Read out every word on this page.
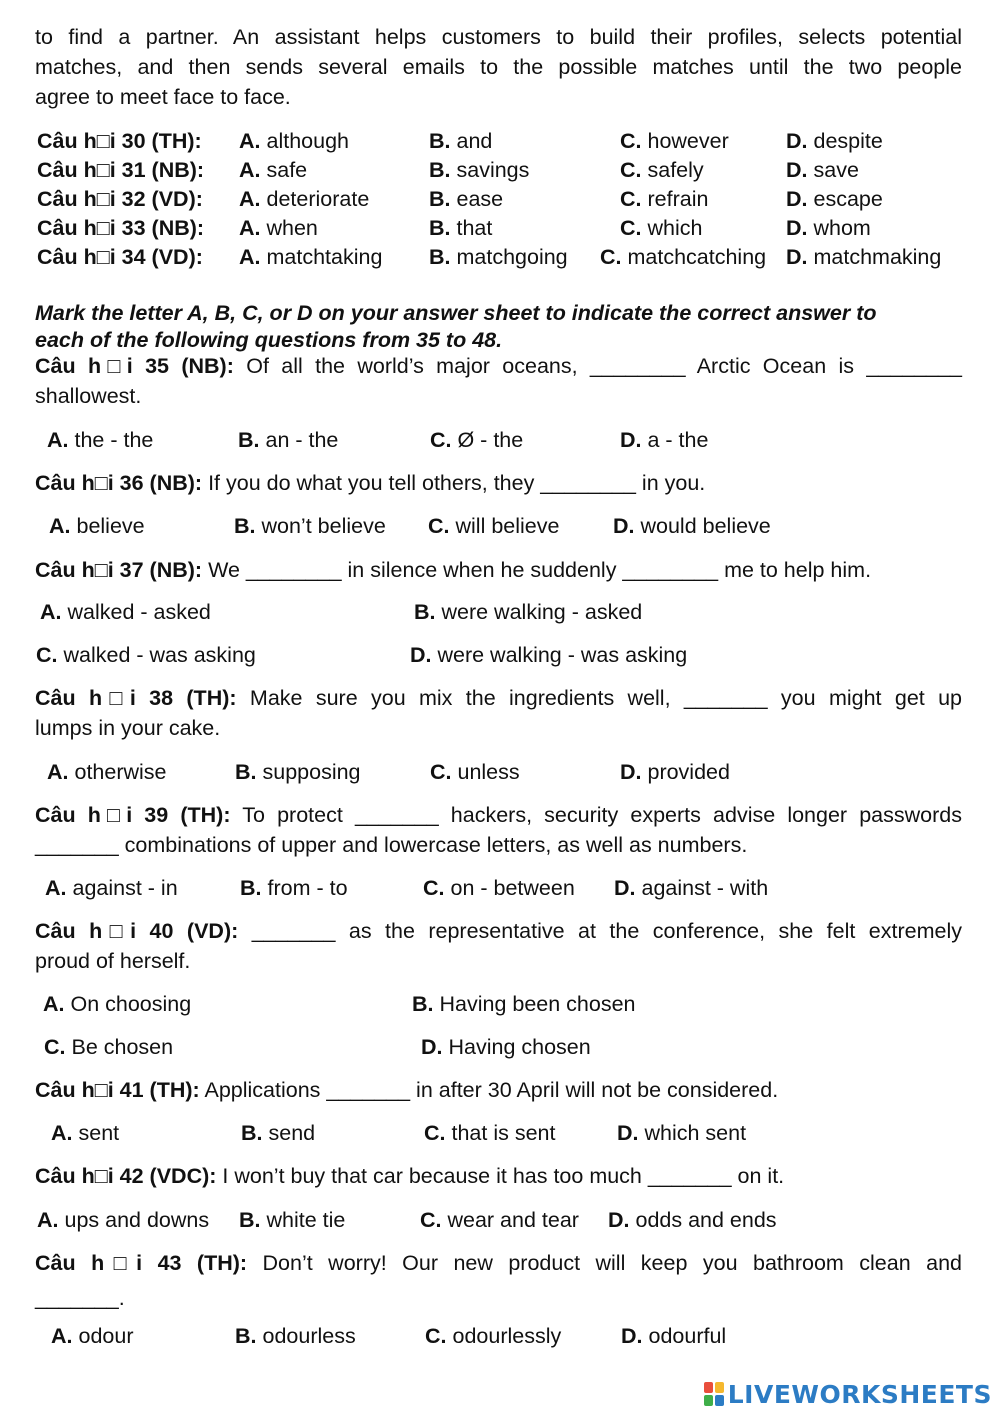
to find a partner. An assistant helps customers to build their profiles, selects potential
matches, and then sends several emails to the possible matches until the two people
agree to meet face to face.
Câu h□i 30 (TH): A. although	B. and	C. however	D. despite
Câu h□i 31 (NB): A. safe	B. savings	C. safely	D. save
Câu h□i 32 (VD): A. deteriorate	B. ease	C. refrain	D. escape
Câu h□i 33 (NB): A. when	B. that	C. which	D. whom
Câu h□i 34 (VD): A. matchtaking B. matchgoing C. matchcatching D. matchmaking
Mark the letter A, B, C, or D on your answer sheet to indicate the correct answer to
each of the following questions from 35 to 48.
Câu h□i 35 (NB): Of all the world’s major oceans, ________ Arctic Ocean is ________
shallowest.
A. the - the	B. an - the	C. Ø - the	D. a - the
Câu h□i 36 (NB): If you do what you tell others, they ________ in you.
A. believe	B. won’t believe C. will believe D. would believe
Câu h□i 37 (NB): We ________ in silence when he suddenly ________ me to help him.
A. walked - asked	B. were walking - asked
C. walked - was asking	D. were walking - was asking
Câu h□i 38 (TH): Make sure you mix the ingredients well, _______ you might get up
lumps in your cake.
A. otherwise	B. supposing	C. unless	D. provided
Câu h□i 39 (TH): To protect _______ hackers, security experts advise longer passwords
_______ combinations of upper and lowercase letters, as well as numbers.
A. against - in	B. from - to	C. on - between D. against - with
Câu h□i 40 (VD): _______ as the representative at the conference, she felt extremely
proud of herself.
A. On choosing	B. Having been chosen
C. Be chosen	D. Having chosen
Câu h□i 41 (TH): Applications _______ in after 30 April will not be considered.
A. sent	B. send	C. that is sent	D. which sent
Câu h□i 42 (VDC): I won’t buy that car because it has too much _______ on it.
A. ups and downs B. white tie	C. wear and tear D. odds and ends
Câu h□i 43 (TH): Don’t worry! Our new product will keep you bathroom clean and
_______.
A. odour	B. odourless	C. odourlessly	D. odourful
LIVEWORKSHEETS
